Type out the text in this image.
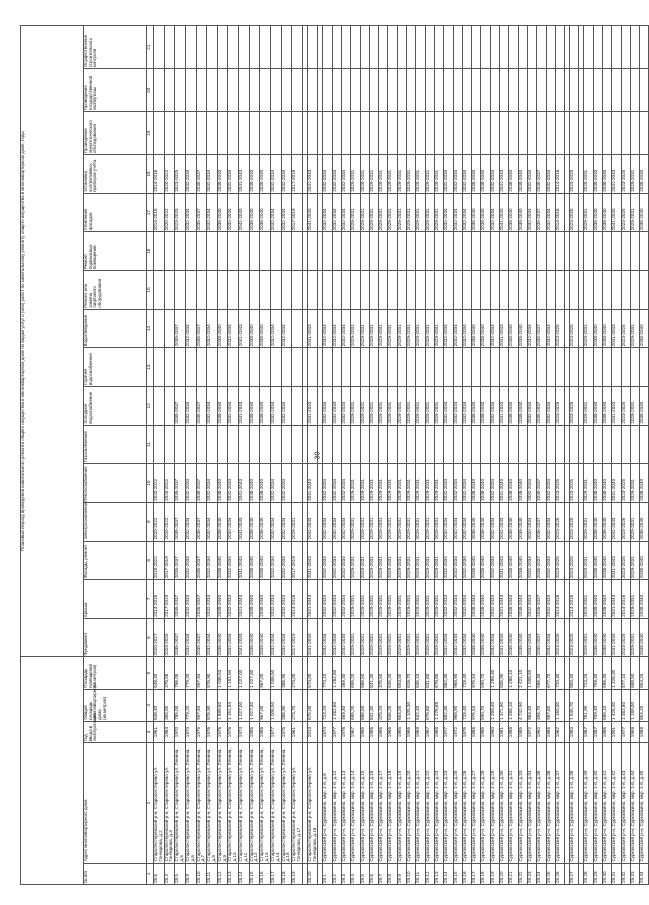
30
					Плановый период проведения капитального ремонта общего имущества в многоквартирном доме по видам услуг и (или) работ по капитальному ремонту общего имущества в многоквартирном доме, годы															
№ п/п	Адрес многоквартирного дома	Год ввода в эксплуатацию	Общая площадь многоквартирного дома (кв.метров)	Площадь помещений (кв.метров)	Фундамент	Крыша	Фасады, ремонт	Электроснабжение	Теплоснабжение	Газоснабжение	Холодное водоснабжение	Горячее водоснабжение	Водоотведение	Ремонт или замена лифтового оборудования	Ремонт подвальных помещений	Утепление фасадов	Установка коллективных приборов учёта	Проведение энергетического обследования	Проведение государственной экспертизы	Осуществление строительного контроля
1	2	3	4	5	6	7	8	9	10	11	12	13	14	15	16	17	18	19	20	21
28.6	Старопестеревский р-н, Старопестерево ул. Гончарова, д.2	1961	648,40	648,40	2020-2027	2014-2016	2019-2022	2020-2022	2020-2022							2014-2016	2014-2016			
28.4	Старопестеревский р-н, Старопестерево ул. Гончарова, д.3	1964	355,00	376,58	2023-2025	2017-2019	2017-2019	2020-2022	2020-2022							2020-2022	2020-2022			
28.5	Старопестеревский р-н, Старопестерево ул. Ленина, д.5	1970	785,00	796,05	2035-2037	2035-2037	2035-2037	2035-2037	2035-2037		2035-2037		2035-2037			2023-2025	2023-2025			
28.9	Старопестеревский р-н, Старопестерево ул. Ленина, д.6	1973	779,20	779,20	2032-2034	2032-2034	2032-2034	2032-2034	2032-2034		2032-2034		2032-2034			2032-2034	2032-2034			
28.10	Старопестеревский р-н, Старопестерево ул. Ленина, д.7	1975	997,94	997,94	2035-2037	2035-2037	2035-2037	2035-2037	2035-2037		2035-2037		2035-2037			2035-2037	2035-2037			
28.11	Старопестеревский р-н, Старопестерево ул. Ленина, д.8	1976	876,90	876,90	2032-2034	2032-2034	2032-2034	2032-2034	2032-2034		2032-2034		2032-2034			2032-2034	2032-2034			
28.12	Старопестеревский р-н, Старопестерево ул. Ленина, д.9	1976	1 699,60	1 036,53	2038-2040	2038-2040	2038-2040	2038-2040	2038-2040		2038-2040		2038-2040			2038-2040	2038-2040			
28.13	Старопестеревский р-н, Старопестерево ул. Ленина, д.10	1978	1 151,94	1 151,94	2032-2034	2032-2034	2032-2034	2032-2034	2032-2034		2032-2034		2032-2034			2032-2034	2032-2034			
28.14	Старопестеревский р-н, Старопестерево ул. Ленина, д.11	1974	1 027,00	1 027,00	2041-2043	2041-2043	2041-2043	2041-2043	2041-2043		2041-2043		2041-2043			2041-2043	2041-2043			
28.15	Старопестеревский р-н, Старопестерево ул. Ленина, д.12	1985	1 027,30	1 027,30	2038-2040	2038-2040	2038-2040	2038-2040	2038-2040		2038-2040		2038-2040			2038-2040	2038-2040			
28.16	Старопестеревский р-н, Старопестерево ул. Ленина, д.13	1988	967,00	967,00	2038-2040	2038-2040	2038-2040	2038-2040	2038-2040		2038-2040		2038-2040			2038-2040	2038-2040			
28.17	Старопестеревский р-н, Старопестерево ул. Ленина, д.14	1977	1 006,50	1 006,50	2032-2034	2032-2034	2032-2034	2032-2034	2032-2034		2032-2034		2032-2034			2032-2034	2032-2034			
28.18	Старопестеревский р-н, Старопестерево ул. Ленина, д.15	1975	386,90	386,90	2032-2034	2032-2034	2032-2034	2032-2034	2032-2034		2032-2034		2032-2034			2032-2034	2032-2034			
28.19	Старопестеревский р-н, Старопестерево ул. Гончарова, д.17	1961	273,70	273,00	2017-2019	2014-2016	2017-2019	2029-2031								2017-2019	2017-2019			

28.20	Старопестеревский р-н, Старопестерево ул. Гончарова, д.18	2013	675,00	574,00	2041-2043	2041-2043	2041-2043	2041-2043	2041-2043		2041-2043		2041-2043			2041-2043	2041-2043			

29.1	Сурковский р-н, Сурковкино, мкр. 1-й, д.6	1974	724,20	774,10	2032-2034	2032-2034	2032-2034	2032-2034	2032-2034		2032-2034		2032-2034			2032-2034	2032-2034			
29.2	Сурковский р-н, Сурковкино, мкр. 1-й, д.12	1977	1 262,60	1 262,60	2032-2034	2032-2034	2032-2034	2032-2034	2032-2034		2032-2034		2032-2034			2032-2034	2032-2034			
29.3	Сурковский р-н, Сурковкино, мкр. 1-й, д.13	1976	469,40	469,40	2032-2034	2032-2034	2032-2034	2032-2034	2032-2034		2032-2034		2032-2034			2032-2034	2032-2034			
29.4	Сурковский р-н, Сурковкино, мкр. 1-й, д.14	1967	695,20	695,20	2029-2031	2029-2031	2029-2031	2029-2031	2029-2031		2029-2031		2029-2031			2029-2031	2029-2031			
29.5	Сурковский р-н, Сурковкино, мкр. 1-й, д.15	1965	686,50	686,50	2029-2031	2029-2031	2029-2031	2029-2031	2029-2031		2029-2031		2029-2031			2029-2031	2029-2031			
29.6	Сурковский р-н, Сурковкино, мкр. 1-й, д.16	1966	641,30	641,30	2029-2031	2029-2031	2029-2031	2029-2031	2029-2031		2029-2031		2029-2031			2029-2031	2029-2031			
29.7	Сурковский р-н, Сурковкино, мкр. 1-й, д.17	1966	375,20	375,50	2029-2031	2029-2031	2029-2031	2029-2031	2029-2031		2029-2031		2029-2031			2029-2031	2029-2031			
29.8	Сурковский р-н, Сурковкино, мкр. 1-й, д.18	1966	635,20	635,20	2029-2031	2029-2031	2029-2031	2029-2031	2029-2031		2029-2031		2029-2031			2029-2031	2029-2031			
29.9	Сурковский р-н, Сурковкино, мкр. 1-й, д.19	1965	654,00	654,00	2029-2031	2029-2031	2029-2031	2029-2031	2029-2031		2029-2031		2029-2031			2029-2031	2029-2031			
29.10	Сурковский р-н, Сурковкино, мкр. 1-й, д.20	1966	1 105,30	626,70	2029-2031	2029-2031	2029-2031	2029-2031	2029-2031		2029-2031		2029-2031			2029-2031	2029-2031			
29.11	Сурковский р-н, Сурковкино, мкр. 1-й, д.21	1969	642,40	635,10	2029-2031	2029-2031	2029-2031	2029-2031	2029-2031		2029-2031		2029-2031			2029-2031	2029-2031			
29.12	Сурковский р-н, Сурковкино, мкр. 1-й, д.22	1967	676,80	631,60	2029-2031	2029-2031	2029-2031	2029-2031	2029-2031		2029-2031		2029-2031			2029-2031	2029-2031			
29.13	Сурковский р-н, Сурковкино, мкр. 1-й, д.23	1968	1 276,68	678,80	2029-2031	2029-2031	2029-2031	2029-2031	2029-2031		2029-2031		2029-2031			2029-2031	2029-2031			
29.14	Сурковский р-н, Сурковкино, мкр. 1-й, д.24	1977	882,30	862,30	2032-2034	2032-2034	2032-2034	2032-2034	2032-2034		2032-2034		2032-2034			2032-2034	2032-2034			
29.15	Сурковский р-н, Сурковкино, мкр. 1-й, д.25	1972	968,90	968,90	2032-2034	2032-2034	2032-2034	2032-2034	2032-2034		2032-2034		2032-2034			2032-2034	2032-2034			
29.16	Сурковский р-н, Сурковкино, мкр. 1-й, д.26	1976	728,40	728,40	2032-2034	2032-2034	2032-2034	2032-2034	2032-2034		2032-2034		2032-2034			2032-2034	2032-2034			
29.17	Сурковский р-н, Сурковкино, мкр. 1-й, д.27	1986	976,54	976,54	2038-2040	2038-2040	2038-2040	2038-2040	2038-2040		2038-2040		2038-2040			2038-2040	2038-2040			
29.18	Сурковский р-н, Сурковкино, мкр. 1-й, д.28	1985	590,70	590,70	2038-2040	2038-2040	2038-2040	2038-2040	2038-2040		2038-2040		2038-2040			2038-2040	2038-2040			
29.19	Сурковский р-н, Сурковкино, мкр. 1-й, д.29	1980	1 289,40	1 289,40	2032-2034	2032-2034	2032-2034	2032-2034	2032-2034		2032-2034		2032-2034			2032-2034	2032-2034			
29.20	Сурковский р-н, Сурковкино, мкр. 1-й, д.30	1981	1 371,90	835,90	2041-2043	2041-2043	2041-2043	2041-2043	2041-2043		2041-2043		2041-2043			2041-2043	2041-2043			
29.21	Сурковский р-н, Сурковкино, мкр. 1-й, д.31	1988	1 288,10	1 288,10	2038-2040	2038-2040	2038-2040	2038-2040	2038-2040		2038-2040		2038-2040			2038-2040	2038-2040			
29.22	Сурковский р-н, Сурковкино, мкр. 1-й, д.33	1985	4 742,90	2 421,10	2038-2040	2038-2040	2038-2040	2038-2040	2038-2040		2038-2040		2038-2040			2038-2040	2038-2040			
29.23	Сурковский р-н, Сурковкино, мкр. 1-й, д.34	1972	984,40	1 008,50	2032-2034	2032-2034	2032-2034	2032-2034	2032-2034		2032-2034		2032-2034			2032-2034	2032-2034			
29.24	Сурковский р-н, Сурковкино, мкр. 1-й, д.35	1962	456,70	586,40	2035-2037	2035-2037	2035-2037	2035-2037	2035-2037		2035-2037		2035-2037			2035-2037	2035-2037			
29.25	Сурковский р-н, Сурковкино, мкр. 1-й, д.36	1965	987,60	677,70	2032-2034	2032-2034	2032-2034	2032-2034	2032-2034		2032-2034		2032-2034			2032-2034	2032-2034			
29.26	Сурковский р-н, Сурковкино, мкр. 1-й, д.37	1962	1 160,00	720,40	2023-2025	2014-2016	2023-2025	2023-2025	2023-2025		2023-2025		2023-2025			2014-2016	2014-2016			

29.27	Сурковский р-н, Сурковкино, мкр. 1-й, д.38	1983	1 545,70	850,40	2023-2025	2014-2016	2023-2025	2023-2025	2023-2025		2023-2025		2023-2025			2023-2025	2023-2025			

29.28	Сурковский р-н, Сурковкино, мкр. 1-й, д.39	1967	781,90	723,20	2029-2031	2029-2031	2029-2031	2029-2031	2029-2031		2029-2031		2029-2031			2029-2031	2029-2031			
29.29	Сурковский р-н, Сурковкино, мкр. 1-й, д.40	1987	709,40	709,40	2038-2040	2038-2040	2038-2040	2038-2040	2038-2040		2038-2040		2038-2040			2038-2040	2038-2040			
29.30	Сурковский р-н, Сурковкино, мкр. 1-й, д.41	1986	685,10	586,40	2038-2040	2038-2040	2038-2040	2038-2040	2038-2040		2038-2040		2038-2040			2038-2040	2038-2040			
29.31	Сурковский р-н, Сурковкино, мкр. 1-й, д.42	1991	1 426,30	1 426,30	2041-2043	2041-2043	2041-2043	2041-2043	2041-2043		2041-2043		2041-2043			2041-2043	2041-2043			
29.32	Сурковский р-н, Сурковкино, мкр. 1-й, д.43	1977	1 382,80	877,10	2023-2025	2014-2016	2023-2025	2023-2025	2023-2025		2023-2025		2023-2025			2023-2025	2023-2025			
29.33	Сурковский р-н, Сурковкино, мкр. 1-й, д.44	1968	1 189,00	688,50	2029-2031	2029-2031	2029-2031	2029-2031	2029-2031		2029-2031		2029-2031			2029-2031	2029-2031			
29.34	Сурковский р-н, Сурковкино, мкр. 1-й, д.45	1988	854,20	854,20	2038-2040	2038-2040	2038-2040	2038-2040	2038-2040		2038-2040		2038-2040			2038-2040	2038-2040			
